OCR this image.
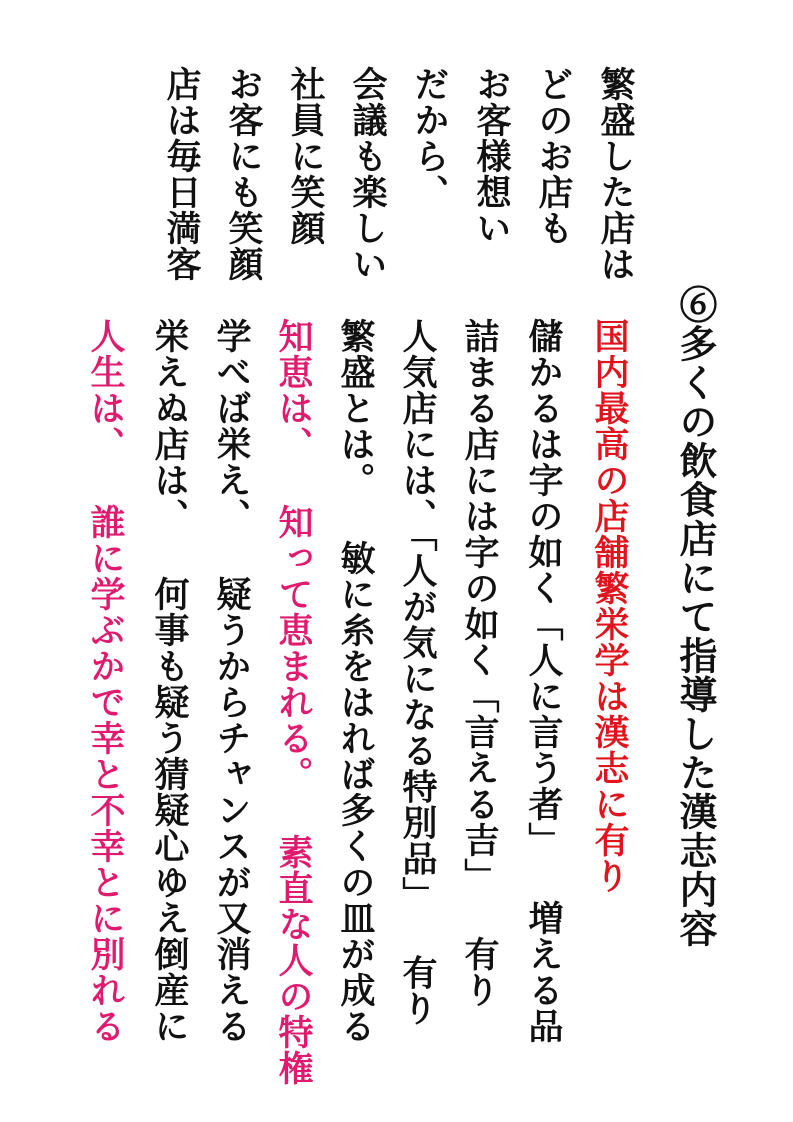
繁盛した店は
どのお店も
お客様想い
だから、
会議も楽しい
社員に笑顔
お客にも笑顔
店は毎日満客
⑥多くの飲食店にて指導した漢志内容
国内最高の店舗繁栄学は漢志に有り
儲かるは字の如く「人に言う者」 増える品
詰まる店には字の如く「言える吉」 有り
人気店には、「人が気になる特別品」 有り
繁盛とは。 敏に糸をはれば多くの皿が成る
知恵は、 知って恵まれる。 素直な人の特権
学べば栄え、 疑うからチャンスが又消える
栄えぬ店は、 何事も疑う猜疑心ゆえ倒産に
人生は、 誰に学ぶかで幸と不幸とに別れる
